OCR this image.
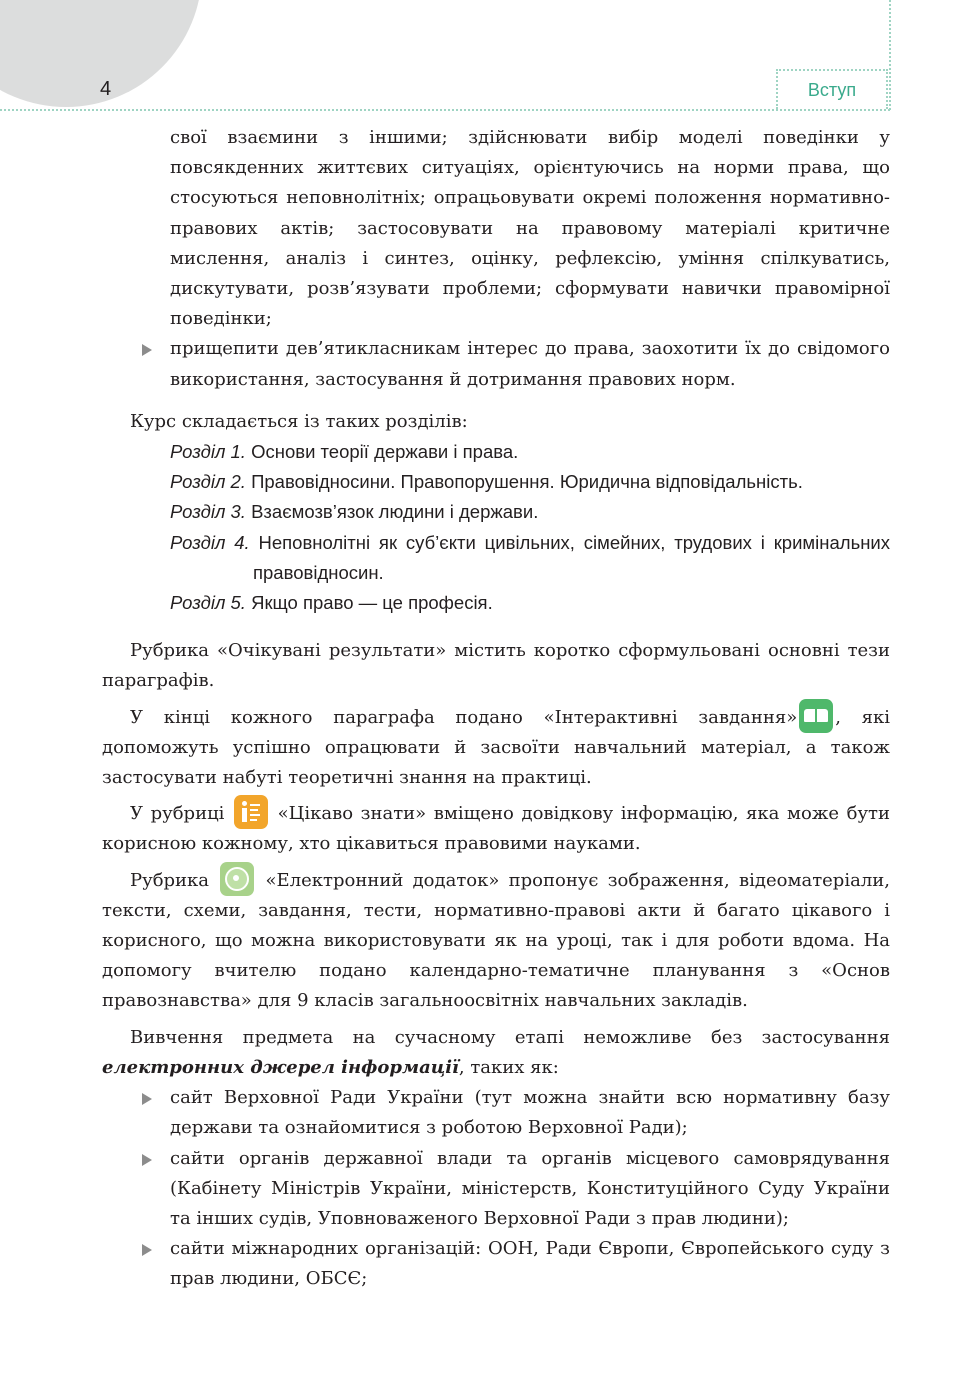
4	Вступ

своï взаємини з іншими; здійснювати вибір моделі поведінки у повсякденних життєвих ситуаціях, орієнтуючись на норми права, що стосуються неповнолітніх; опрацьовувати окремі положення нормативно-правових актів; застосовувати на правовому матеріалі критичне мислення, аналіз і синтез, оцінку, рефлексію, уміння спілкуватись, дискутувати, розв’язувати проблеми; сформувати навички правомірної поведінки;

прищепити дев’ятикласникам інтерес до права, заохотити їх до свідомого використання, застосування й дотримання правових норм.

Курс складається із таких розділів:

Розділ 1. Основи теорії держави і права.

Розділ 2. Правовідносини. Правопорушення. Юридична відповідальність.

Розділ 3. Взаємозв’язок людини і держави.

Розділ 4. Неповнолітні як суб’єкти цивільних, сімейних, трудових і кримінальних правовідносин.

Розділ 5. Якщо право — це професія.

Рубрика «Очікувані результати» містить коротко сформульовані основні тези параграфів.

У кінці кожного параграфа подано «Інтерактивні завдання» , які допоможуть успішно опрацювати й засвоїти навчальний матеріал, а також застосувати набуті теоретичні знання на практиці.

У рубриці	«Цікаво знати» вміщено довідкову інформацію, яка може бути корисною кожному, хто цікавиться правовими науками.

Рубрика	«Електронний додаток» пропонує зображення, відеоматеріали, тексти, схеми, завдання, тести, нормативно-правові акти й багато цікавого і корисного, що можна використовувати як на уроці, так і для роботи вдома. На допомогу вчителю подано календарно-тематичне планування з «Основ правознавства» для 9 класів загальноосвітніх навчальних закладів.

Вивчення предмета на сучасному етапі неможливе без застосування електронних джерел інформації, таких як:

сайт Верховної Ради України (тут можна знайти всю нормативну базу держави та ознайомитися з роботою Верховної Ради);

сайти органів державної влади та органів місцевого самоврядування (Кабінету Міністрів України, міністерств, Конституційного Суду України та інших судів, Уповноваженого Верховної Ради з прав людини);

сайти міжнародних організацій: ООН, Ради Європи, Європейського суду з прав людини, ОБСЄ;
